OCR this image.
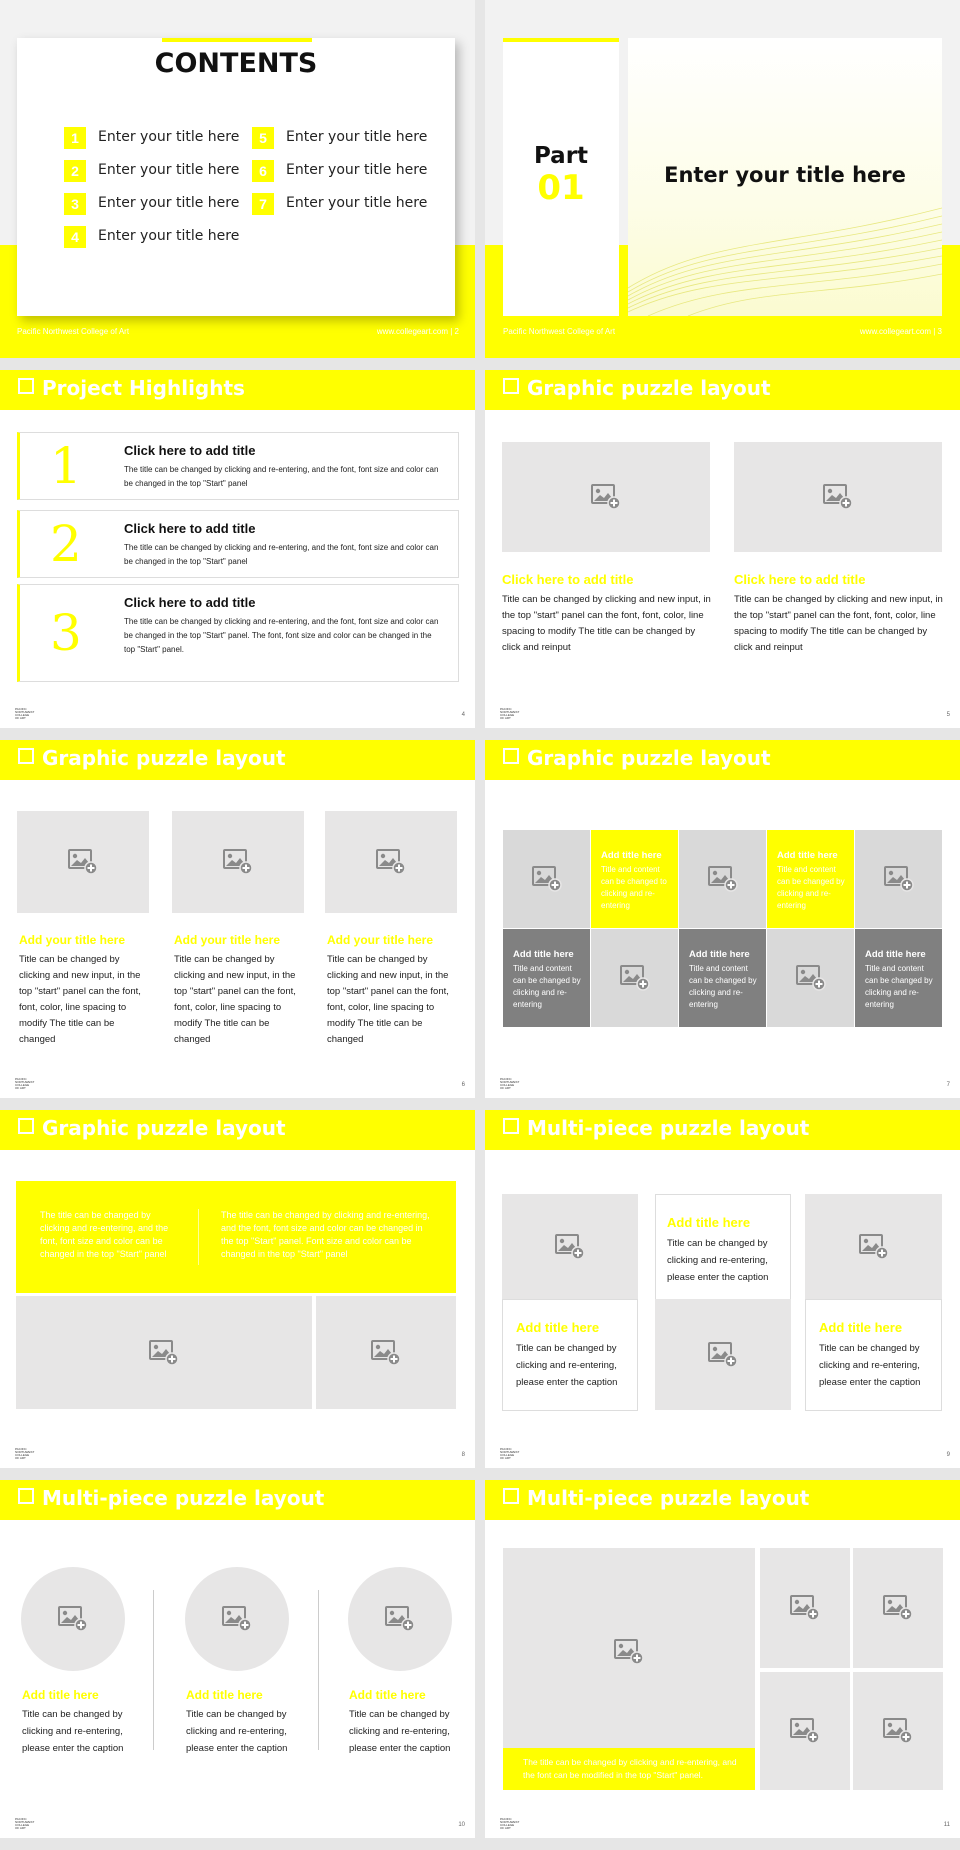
CONTENTS
Pacific Northwest College of Art	www.collegeart.com | 2
1	Enter your title here
2	Enter your title here
3	Enter your title here
4	Enter your title here
5	Enter your title here
6	Enter your title here
7	Enter your title here
Part
01	Enter your title here
Pacific Northwest College of Art	www.collegeart.com | 3
Project Highlights
PACIFIC NORTHWEST COLLEGE OF ART	4
1	Click here to add title
The title can be changed by clicking and re-entering, and the font, font size and color can be changed in the top "Start" panel
2	Click here to add title
The title can be changed by clicking and re-entering, and the font, font size and color can be changed in the top "Start" panel
3
Click here to add title
The title can be changed by clicking and re-entering, and the font, font size and color can be changed in the top "Start" panel. The font, font size and color can be changed in the top "Start" panel.
Graphic puzzle layout
Click here to add title
Title can be changed by clicking and new input, in the top "start" panel can the font, font, color, line spacing to modify The title can be changed by click and reinput
Click here to add title
Title can be changed by clicking and new input, in the top "start" panel can the font, font, color, line spacing to modify The title can be changed by click and reinput
PACIFIC NORTHWEST COLLEGE OF ART	5
Graphic puzzle layout
PACIFIC NORTHWEST COLLEGE OF ART	6
Add your title here
Title can be changed by clicking and new input, in the top "start" panel can the font, font, color, line spacing to modify The title can be changed
Add your title here
Title can be changed by clicking and new input, in the top "start" panel can the font, font, color, line spacing to modify The title can be changed
Add your title here
Title can be changed by clicking and new input, in the top "start" panel can the font, font, color, line spacing to modify The title can be changed
Graphic puzzle layout
Add title here
Title and content can be changed to clicking and re-entering
Add title here
Title and content can be changed by clicking and re-entering
Add title here
Title and content can be changed by clicking and re-entering
Add title here
Title and content can be changed by clicking and re-entering
Add title here
Title and content can be changed by clicking and re-entering
PACIFIC NORTHWEST COLLEGE OF ART	7
Graphic puzzle layout
The title can be changed by clicking and re-entering, and the font, font size and color can be changed in the top "Start" panel
The title can be changed by clicking and re-entering, and the font, font size and color can be changed in the top "Start" panel. Font size and color can be changed in the top "Start" panel
PACIFIC NORTHWEST COLLEGE OF ART	8
Multi-piece puzzle layout
Add title here
Title can be changed by clicking and re-entering, please enter the caption
Add title here
Title can be changed by clicking and re-entering, please enter the caption
Add title here
Title can be changed by clicking and re-entering, please enter the caption
PACIFIC NORTHWEST COLLEGE OF ART	9
Multi-piece puzzle layout
PACIFIC NORTHWEST COLLEGE OF ART	10
Add title here
Title can be changed by clicking and re-entering, please enter the caption
Add title here
Title can be changed by clicking and re-entering, please enter the caption
Add title here
Title can be changed by clicking and re-entering, please enter the caption
Multi-piece puzzle layout
The title can be changed by clicking and re-entering, and the font can be modified in the top "Start" panel.
PACIFIC NORTHWEST COLLEGE OF ART	11
